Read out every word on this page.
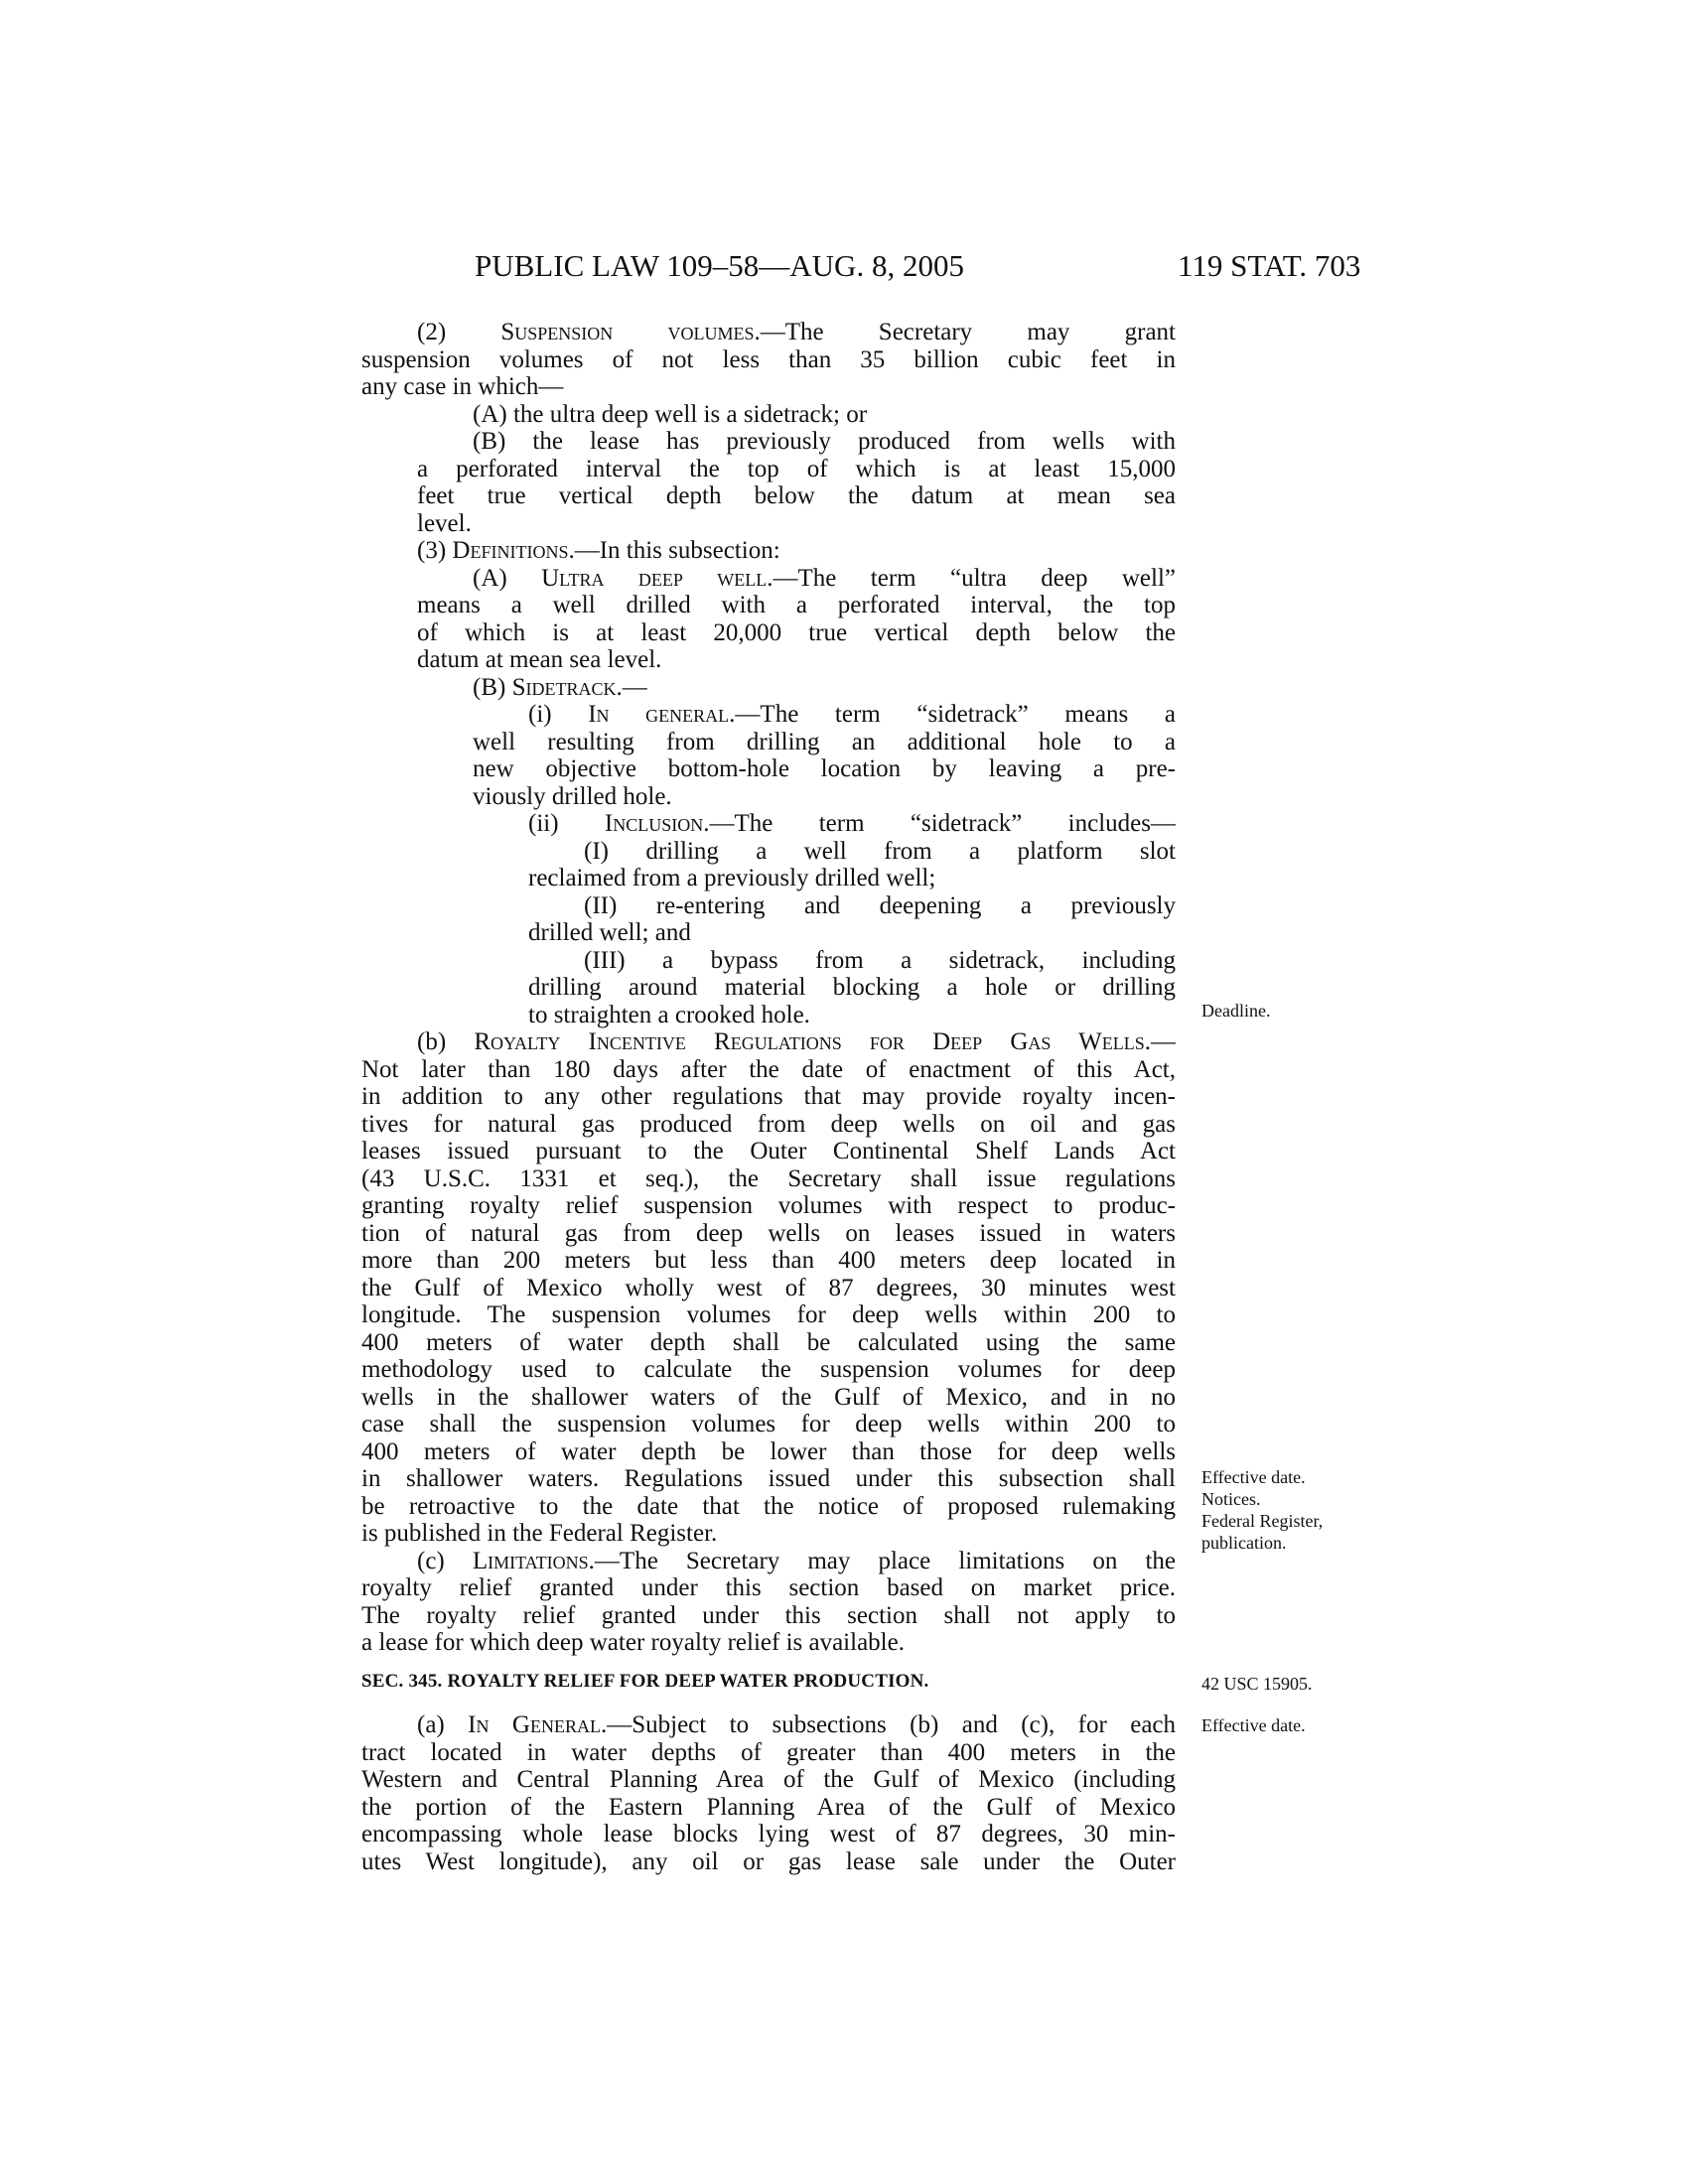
PUBLIC LAW 109–58—AUG. 8, 2005	119 STAT. 703
(2) Suspension volumes.—The Secretary may grant
suspension volumes of not less than 35 billion cubic feet in
any case in which—
(A) the ultra deep well is a sidetrack; or
(B) the lease has previously produced from wells with
a perforated interval the top of which is at least 15,000
feet true vertical depth below the datum at mean sea
level.
(3) Definitions.—In this subsection:
(A) Ultra deep well.—The term “ultra deep well”
means a well drilled with a perforated interval, the top
of which is at least 20,000 true vertical depth below the
datum at mean sea level.
(B) Sidetrack.—
(i) In general.—The term “sidetrack” means a
well resulting from drilling an additional hole to a
new objective bottom-hole location by leaving a pre-
viously drilled hole.
(ii) Inclusion.—The term “sidetrack” includes—
(I) drilling a well from a platform slot
reclaimed from a previously drilled well;
(II) re-entering and deepening a previously
drilled well; and
(III) a bypass from a sidetrack, including
drilling around material blocking a hole or drilling
to straighten a crooked hole.
(b) Royalty Incentive Regulations for Deep Gas Wells.—
Not later than 180 days after the date of enactment of this Act,
in addition to any other regulations that may provide royalty incen-
tives for natural gas produced from deep wells on oil and gas
leases issued pursuant to the Outer Continental Shelf Lands Act
(43 U.S.C. 1331 et seq.), the Secretary shall issue regulations
granting royalty relief suspension volumes with respect to produc-
tion of natural gas from deep wells on leases issued in waters
more than 200 meters but less than 400 meters deep located in
the Gulf of Mexico wholly west of 87 degrees, 30 minutes west
longitude. The suspension volumes for deep wells within 200 to
400 meters of water depth shall be calculated using the same
methodology used to calculate the suspension volumes for deep
wells in the shallower waters of the Gulf of Mexico, and in no
case shall the suspension volumes for deep wells within 200 to
400 meters of water depth be lower than those for deep wells
in shallower waters. Regulations issued under this subsection shall
be retroactive to the date that the notice of proposed rulemaking
is published in the Federal Register.
(c) Limitations.—The Secretary may place limitations on the
royalty relief granted under this section based on market price.
The royalty relief granted under this section shall not apply to
a lease for which deep water royalty relief is available.
(a) In General.—Subject to subsections (b) and (c), for each
tract located in water depths of greater than 400 meters in the
Western and Central Planning Area of the Gulf of Mexico (including
the portion of the Eastern Planning Area of the Gulf of Mexico
encompassing whole lease blocks lying west of 87 degrees, 30 min-
utes West longitude), any oil or gas lease sale under the Outer
SEC. 345. ROYALTY RELIEF FOR DEEP WATER PRODUCTION.
Deadline.
Effective date.
Notices.
Federal Register,
publication.
42 USC 15905.
Effective date.
